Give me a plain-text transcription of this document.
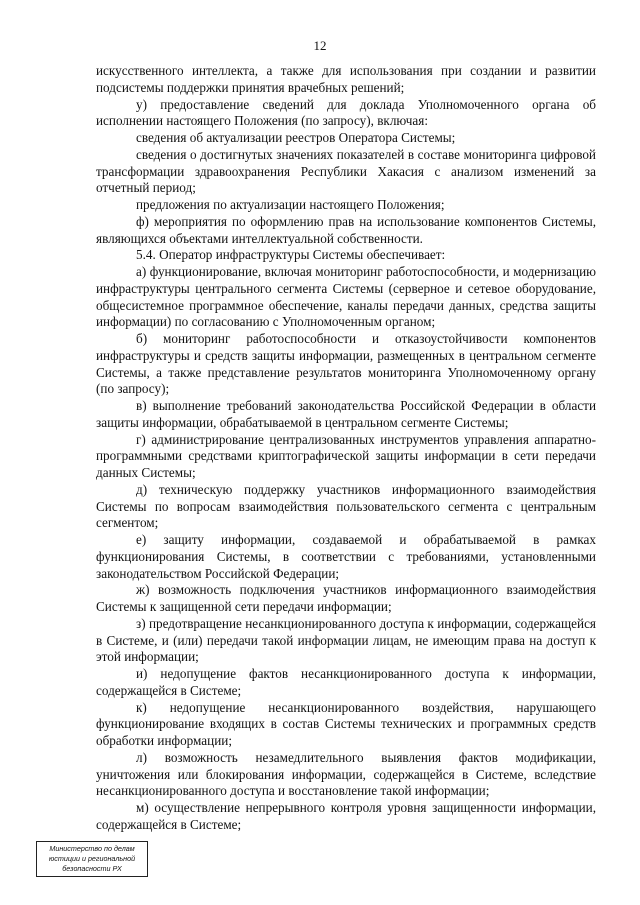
12

искусственного интеллекта, а также для использования при создании и развитии подсистемы поддержки принятия врачебных решений;

у) предоставление сведений для доклада Уполномоченного органа об исполнении настоящего Положения (по запросу), включая:

сведения об актуализации реестров Оператора Системы;

сведения о достигнутых значениях показателей в составе мониторинга цифровой трансформации здравоохранения Республики Хакасия с анализом изменений за отчетный период;

предложения по актуализации настоящего Положения;

ф) мероприятия по оформлению прав на использование компонентов Системы, являющихся объектами интеллектуальной собственности.

5.4. Оператор инфраструктуры Системы обеспечивает:

а) функционирование, включая мониторинг работоспособности, и модернизацию инфраструктуры центрального сегмента Системы (серверное и сетевое оборудование, общесистемное программное обеспечение, каналы передачи данных, средства защиты информации) по согласованию с Уполномоченным органом;

б) мониторинг работоспособности и отказоустойчивости компонентов инфраструктуры и средств защиты информации, размещенных в центральном сегменте Системы, а также представление результатов мониторинга Уполномоченному органу (по запросу);

в) выполнение требований законодательства Российской Федерации в области защиты информации, обрабатываемой в центральном сегменте Системы;

г) администрирование централизованных инструментов управления аппаратно-программными средствами криптографической защиты информации в сети передачи данных Системы;

д) техническую поддержку участников информационного взаимодействия Системы по вопросам взаимодействия пользовательского сегмента с центральным сегментом;

е) защиту информации, создаваемой и обрабатываемой в рамках функционирования Системы, в соответствии с требованиями, установленными законодательством Российской Федерации;

ж) возможность подключения участников информационного взаимодействия Системы к защищенной сети передачи информации;

з) предотвращение несанкционированного доступа к информации, содержащейся в Системе, и (или) передачи такой информации лицам, не имеющим права на доступ к этой информации;

и) недопущение фактов несанкционированного доступа к информации, содержащейся в Системе;

к) недопущение несанкционированного воздействия, нарушающего функционирование входящих в состав Системы технических и программных средств обработки информации;

л) возможность незамедлительного выявления фактов модификации, уничтожения или блокирования информации, содержащейся в Системе, вследствие несанкционированного доступа и восстановление такой информации;

м) осуществление непрерывного контроля уровня защищенности информации, содержащейся в Системе;

Министерство по делам
юстиции и региональной
безопасности РХ
